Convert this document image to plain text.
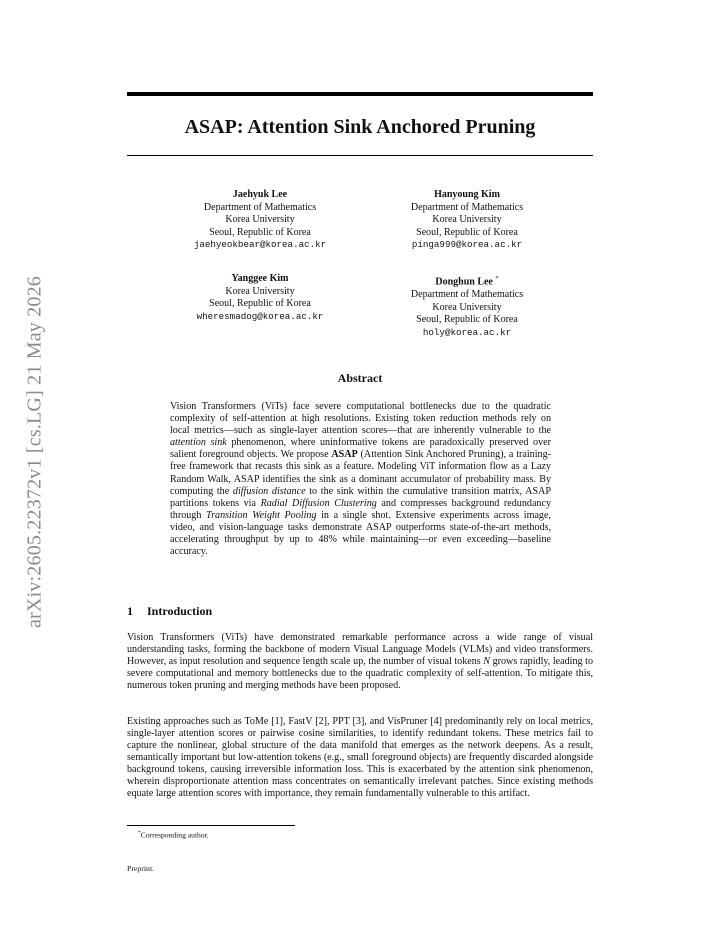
arXiv:2605.22372v1 [cs.LG] 21 May 2026
ASAP: Attention Sink Anchored Pruning
Jaehyuk Lee
Department of Mathematics
Korea University
Seoul, Republic of Korea
jaehyeokbear@korea.ac.kr
Hanyoung Kim
Department of Mathematics
Korea University
Seoul, Republic of Korea
pinga999@korea.ac.kr
Yanggee Kim
Korea University
Seoul, Republic of Korea
wheresmadog@korea.ac.kr
Donghun Lee *
Department of Mathematics
Korea University
Seoul, Republic of Korea
holy@korea.ac.kr
Abstract
Vision Transformers (ViTs) face severe computational bottlenecks due to the quadratic complexity of self-attention at high resolutions. Existing token reduction methods rely on local metrics—such as single-layer attention scores—that are inherently vulnerable to the attention sink phenomenon, where uninformative tokens are paradoxically preserved over salient foreground objects. We propose ASAP (Attention Sink Anchored Pruning), a training-free framework that recasts this sink as a feature. Modeling ViT information flow as a Lazy Random Walk, ASAP identifies the sink as a dominant accumulator of probability mass. By computing the diffusion distance to the sink within the cumulative transition matrix, ASAP partitions tokens via Radial Diffusion Clustering and compresses background redundancy through Transition Weight Pooling in a single shot. Extensive experiments across image, video, and vision-language tasks demonstrate ASAP outperforms state-of-the-art methods, accelerating throughput by up to 48% while maintaining—or even exceeding—baseline accuracy.
1 Introduction
Vision Transformers (ViTs) have demonstrated remarkable performance across a wide range of visual understanding tasks, forming the backbone of modern Visual Language Models (VLMs) and video transformers. However, as input resolution and sequence length scale up, the number of visual tokens N grows rapidly, leading to severe computational and memory bottlenecks due to the quadratic complexity of self-attention. To mitigate this, numerous token pruning and merging methods have been proposed.
Existing approaches such as ToMe [1], FastV [2], PPT [3], and VisPruner [4] predominantly rely on local metrics, single-layer attention scores or pairwise cosine similarities, to identify redundant tokens. These metrics fail to capture the nonlinear, global structure of the data manifold that emerges as the network deepens. As a result, semantically important but low-attention tokens (e.g., small foreground objects) are frequently discarded alongside background tokens, causing irreversible information loss. This is exacerbated by the attention sink phenomenon, wherein disproportionate attention mass concentrates on semantically irrelevant patches. Since existing methods equate large attention scores with importance, they remain fundamentally vulnerable to this artifact.
*Corresponding author.
Preprint.
